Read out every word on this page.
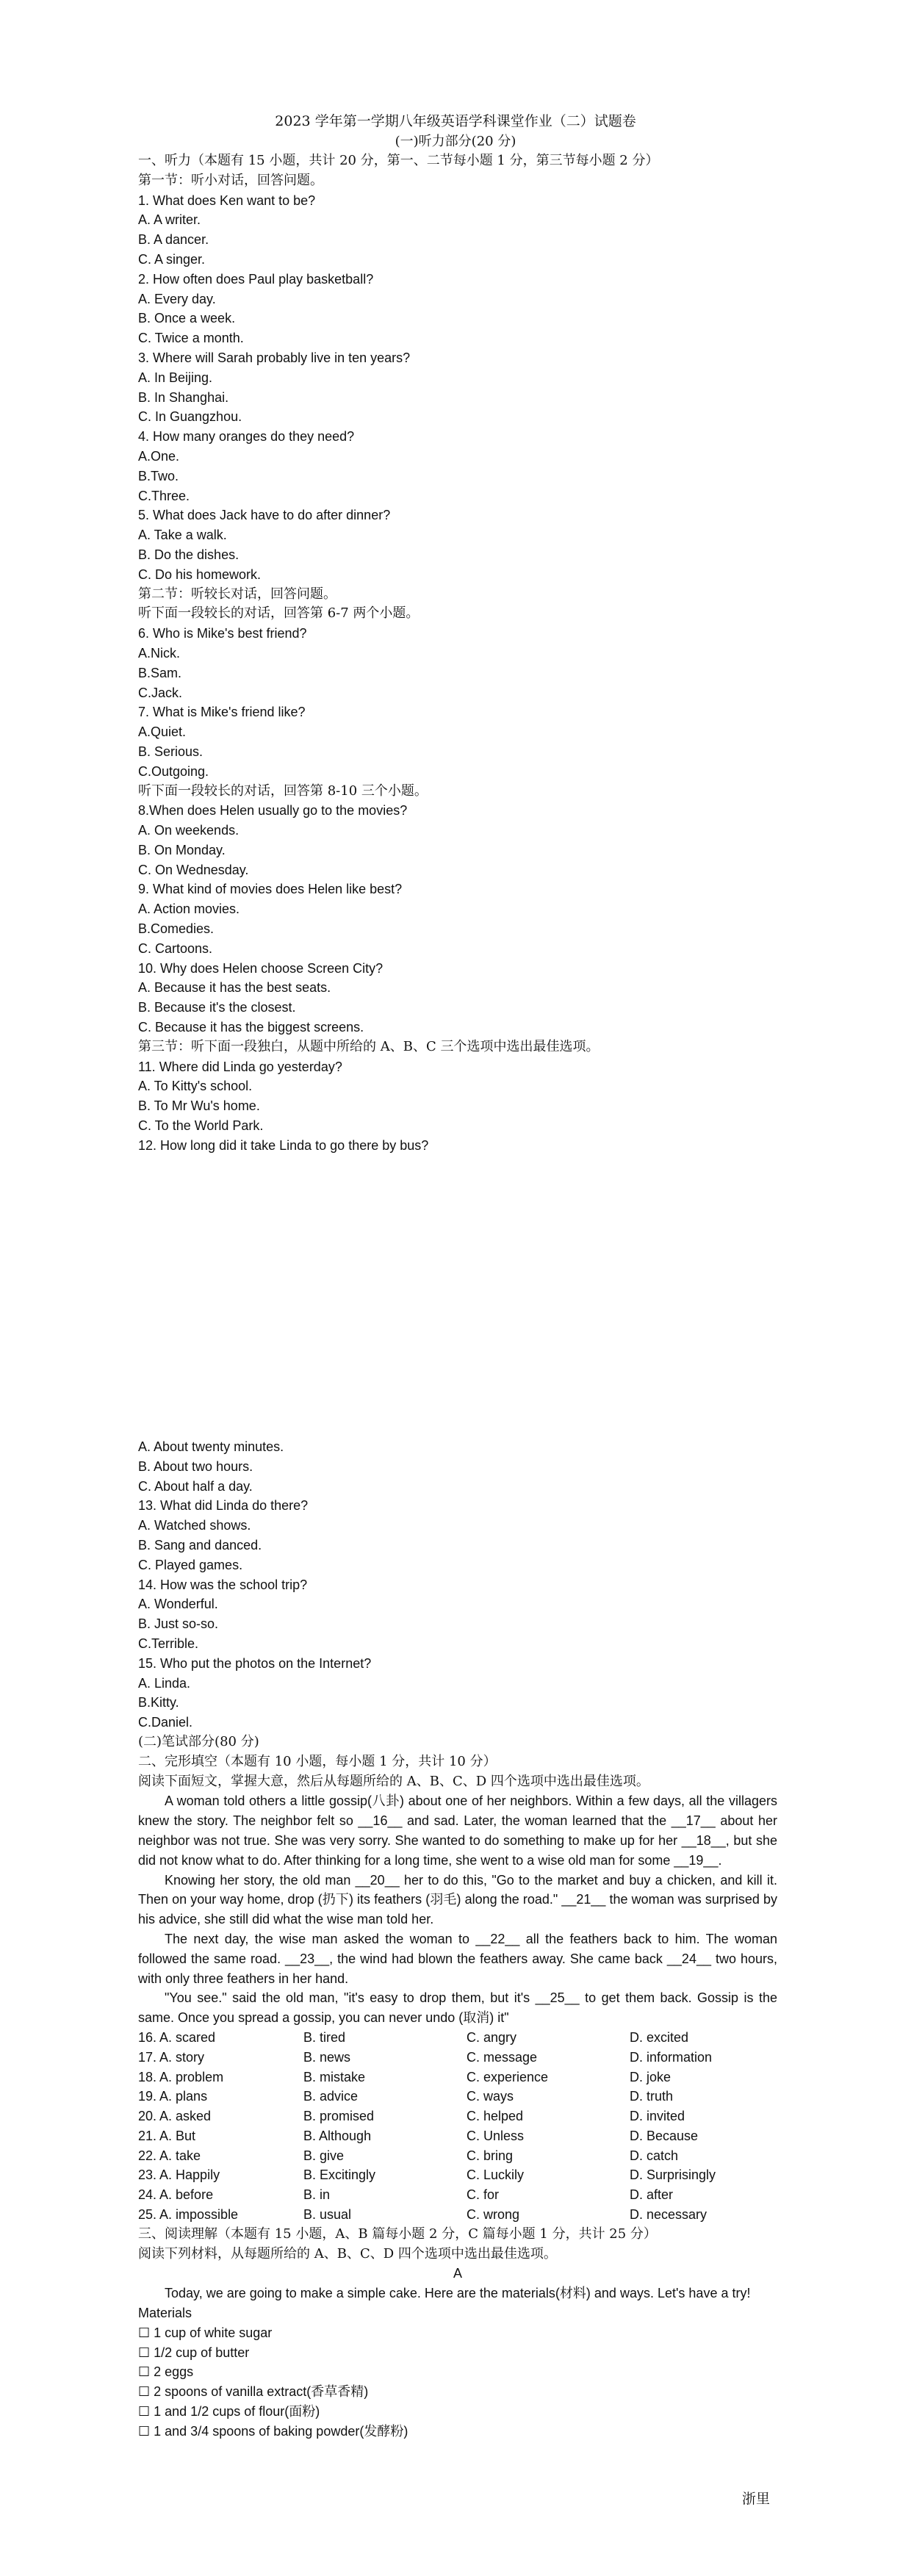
2023 学年第一学期八年级英语学科课堂作业（二）试题卷
(一)听力部分(20 分)
一、听力（本题有 15 小题，共计 20 分，第一、二节每小题 1 分，第三节每小题 2 分）
第一节：听小对话，回答问题。
1. What does Ken want to be?
A. A writer.
B. A dancer.
C. A singer.
2. How often does Paul play basketball?
A. Every day.
B. Once a week.
C. Twice a month.
3. Where will Sarah probably live in ten years?
A. In Beijing.
B. In Shanghai.
C. In Guangzhou.
4. How many oranges do they need?
A.One.
B.Two.
C.Three.
5. What does Jack have to do after dinner?
A. Take a walk.
B. Do the dishes.
C. Do his homework.
第二节：听较长对话，回答问题。
听下面一段较长的对话，回答第 6-7 两个小题。
6. Who is Mike's best friend?
A.Nick.
B.Sam.
C.Jack.
7. What is Mike's friend like?
A.Quiet.
B. Serious.
C.Outgoing.
听下面一段较长的对话，回答第 8-10 三个小题。
8.When does Helen usually go to the movies?
A. On weekends.
B. On Monday.
C. On Wednesday.
9. What kind of movies does Helen like best?
A. Action movies.
B.Comedies.
C. Cartoons.
10. Why does Helen choose Screen City?
A. Because it has the best seats.
B. Because it's the closest.
C. Because it has the biggest screens.
第三节：听下面一段独白，从题中所给的 A、B、C 三个选项中选出最佳选项。
11. Where did Linda go yesterday?
A. To Kitty's school.
B. To Mr Wu's home.
C. To the World Park.
12. How long did it take Linda to go there by bus?
A. About twenty minutes.
B. About two hours.
C. About half a day.
13. What did Linda do there?
A. Watched shows.
B. Sang and danced.
C. Played games.
14. How was the school trip?
A. Wonderful.
B. Just so-so.
C.Terrible.
15. Who put the photos on the Internet?
A. Linda.
B.Kitty.
C.Daniel.
(二)笔试部分(80 分)
二、完形填空（本题有 10 小题，每小题 1 分，共计 10 分）
阅读下面短文，掌握大意，然后从每题所给的 A、B、C、D 四个选项中选出最佳选项。
A woman told others a little gossip(八卦) about one of her neighbors. Within a few days, all the villagers knew the story. The neighbor felt so __16__ and sad. Later, the woman learned that the __17__ about her neighbor was not true. She was very sorry. She wanted to do something to make up for her __18__, but she did not know what to do. After thinking for a long time, she went to a wise old man for some __19__.
Knowing her story, the old man __20__ her to do this, "Go to the market and buy a chicken, and kill it. Then on your way home, drop (扔下) its feathers (羽毛) along the road." __21__ the woman was surprised by his advice, she still did what the wise man told her.
The next day, the wise man asked the woman to __22__ all the feathers back to him. The woman followed the same road. __23__, the wind had blown the feathers away. She came back __24__ two hours, with only three feathers in her hand.
"You see." said the old man, "it's easy to drop them, but it's __25__ to get them back. Gossip is the same. Once you spread a gossip, you can never undo (取消) it"
16. A. scared	B. tired	C. angry	D. excited
17. A. story	B. news	C. message	D. information
18. A. problem	B. mistake	C. experience	D. joke
19. A. plans	B. advice	C. ways	D. truth
20. A. asked	B. promised	C. helped	D. invited
21. A. But	B. Although	C. Unless	D. Because
22. A. take	B. give	C. bring	D. catch
23. A. Happily	B. Excitingly	C. Luckily	D. Surprisingly
24. A. before	B. in	C. for	D. after
25. A. impossible	B. usual	C. wrong	D. necessary
三、阅读理解（本题有 15 小题，A、B 篇每小题 2 分，C 篇每小题 1 分，共计 25 分）
阅读下列材料，从每题所给的 A、B、C、D 四个选项中选出最佳选项。
A
Today, we are going to make a simple cake. Here are the materials(材料) and ways. Let's have a try!
Materials
☐ 1 cup of white sugar
☐ 1/2 cup of butter
☐ 2 eggs
☐ 2 spoons of vanilla extract(香草香精)
☐ 1 and 1/2 cups of flour(面粉)
☐ 1 and 3/4 spoons of baking powder(发酵粉)
浙里
